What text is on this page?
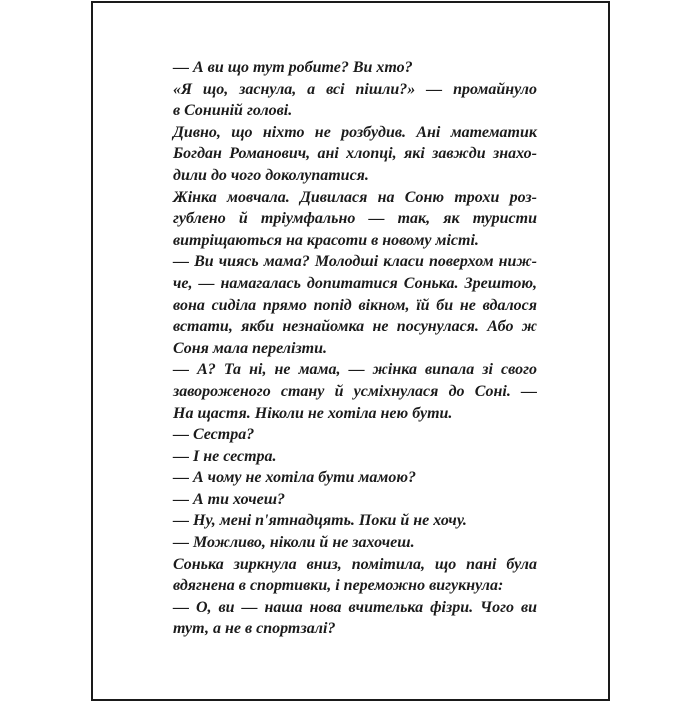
— А ви що тут робите? Ви хто?
«Я що, заснула, а всі пішли?» — промайнуло
в Сониній голові.
Дивно, що ніхто не розбудив. Ані математик
Богдан Романович, ані хлопці, які завжди знахо-
дили до чого доколупатися.
Жінка мовчала. Дивилася на Соню трохи роз-
гублено й тріумфально — так, як туристи
витріщаються на красоти в новому місті.
— Ви чиясь мама? Молодші класи поверхом ниж-
че, — намагалась допитатися Сонька. Зрештою,
вона сиділа прямо попід вікном, їй би не вдалося
встати, якби незнайомка не посунулася. Або ж
Соня мала перелізти.
— А? Та ні, не мама, — жінка випала зі свого
завороженого стану й усміхнулася до Соні. —
На щастя. Ніколи не хотіла нею бути.
— Сестра?
— І не сестра.
— А чому не хотіла бути мамою?
— А ти хочеш?
— Ну, мені п'ятнадцять. Поки й не хочу.
— Можливо, ніколи й не захочеш.
Сонька зиркнула вниз, помітила, що пані була
вдягнена в спортивки, і переможно вигукнула:
— О, ви — наша нова вчителька фізри. Чого ви
тут, а не в спортзалі?
